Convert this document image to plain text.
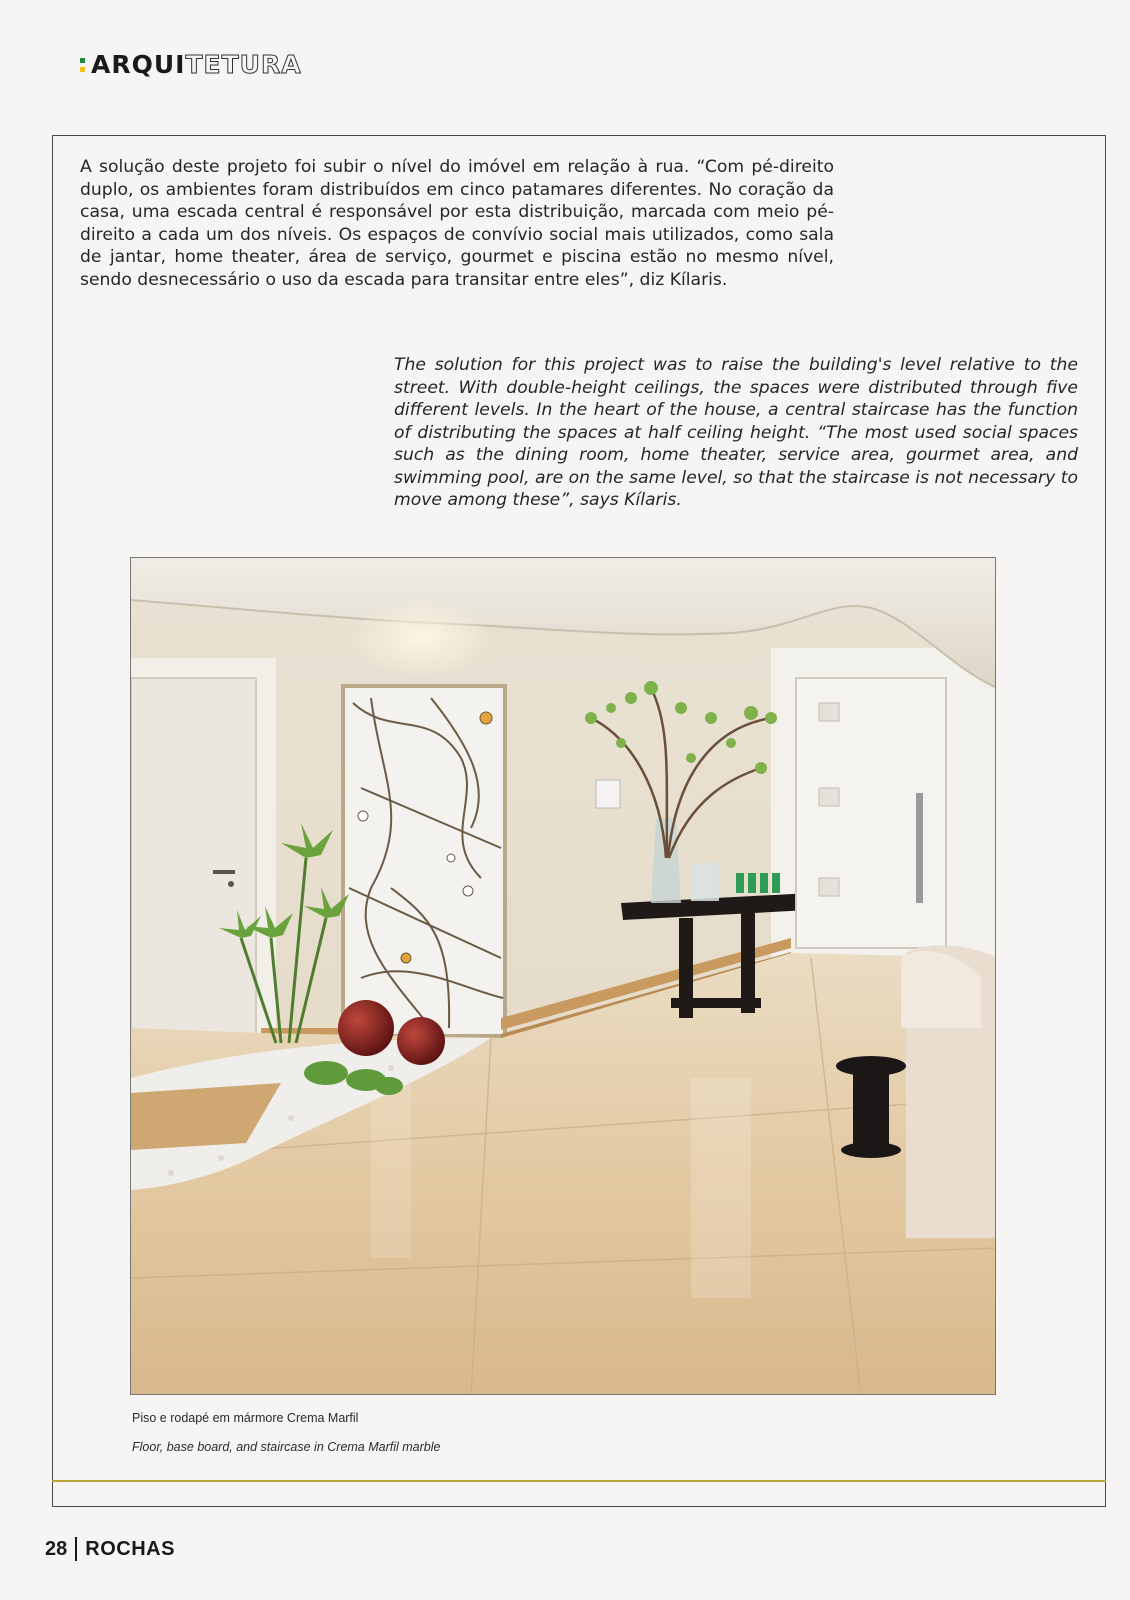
ARQUI TETURA

A solução deste projeto foi subir o nível do imóvel em relação à rua. “Com pé-direito duplo, os ambientes foram distribuídos em cinco patamares diferentes. No coração da casa, uma escada central é responsável por esta distribuição, marcada com meio pé-direito a cada um dos níveis. Os espaços de convívio social mais utilizados, como sala de jantar, home theater, área de serviço, gourmet e piscina estão no mesmo nível, sendo desnecessário o uso da escada para transitar entre eles”, diz Kílaris.

The solution for this project was to raise the building's level relative to the street. With double-height ceilings, the spaces were distributed through five different levels. In the heart of the house, a central staircase has the function of distributing the spaces at half ceiling height. “The most used social spaces such as the dining room, home theater, service area, gourmet area, and swimming pool, are on the same level, so that the staircase is not necessary to move among these”, says Kílaris.

Piso e rodapé em mármore Crema Marfil
Floor, base board, and staircase in Crema Marfil marble
28 ROCHAS
